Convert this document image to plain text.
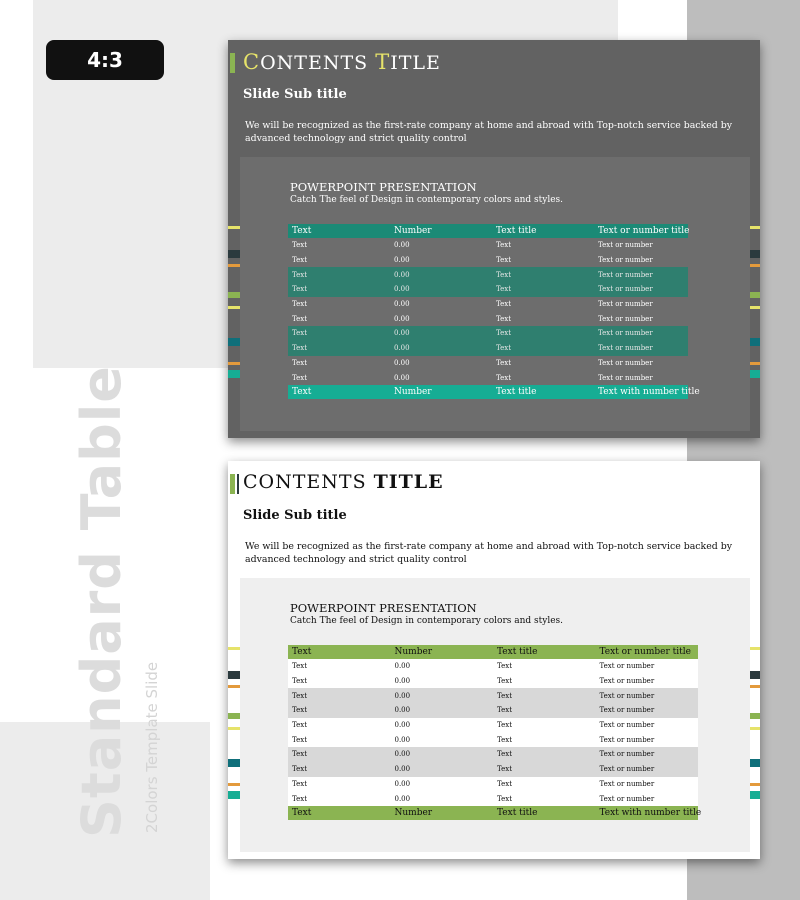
4:3
Standard Table 2Colors Template Slide
CONTENTS TITLE
Slide Sub title
We will be recognized as the first-rate company at home and abroad with Top-notch service backed by advanced technology and strict quality control
POWERPOINT PRESENTATION
Catch The feel of Design in contemporary colors and styles.
Text	Number	Text title	Text or number title
Text	0.00	Text	Text or number
Text	0.00	Text	Text or number
Text	0.00	Text	Text or number
Text	0.00	Text	Text or number
Text	0.00	Text	Text or number
Text	0.00	Text	Text or number
Text	0.00	Text	Text or number
Text	0.00	Text	Text or number
Text	0.00	Text	Text or number
Text	0.00	Text	Text or number
Text	Number	Text title	Text with number title
CONTENTS TITLE
Slide Sub title
We will be recognized as the first-rate company at home and abroad with Top-notch service backed by advanced technology and strict quality control
POWERPOINT PRESENTATION
Catch The feel of Design in contemporary colors and styles.
Text	Number	Text title	Text or number title
Text	0.00	Text	Text or number
Text	0.00	Text	Text or number
Text	0.00	Text	Text or number
Text	0.00	Text	Text or number
Text	0.00	Text	Text or number
Text	0.00	Text	Text or number
Text	0.00	Text	Text or number
Text	0.00	Text	Text or number
Text	0.00	Text	Text or number
Text	0.00	Text	Text or number
Text	Number	Text title	Text with number title
